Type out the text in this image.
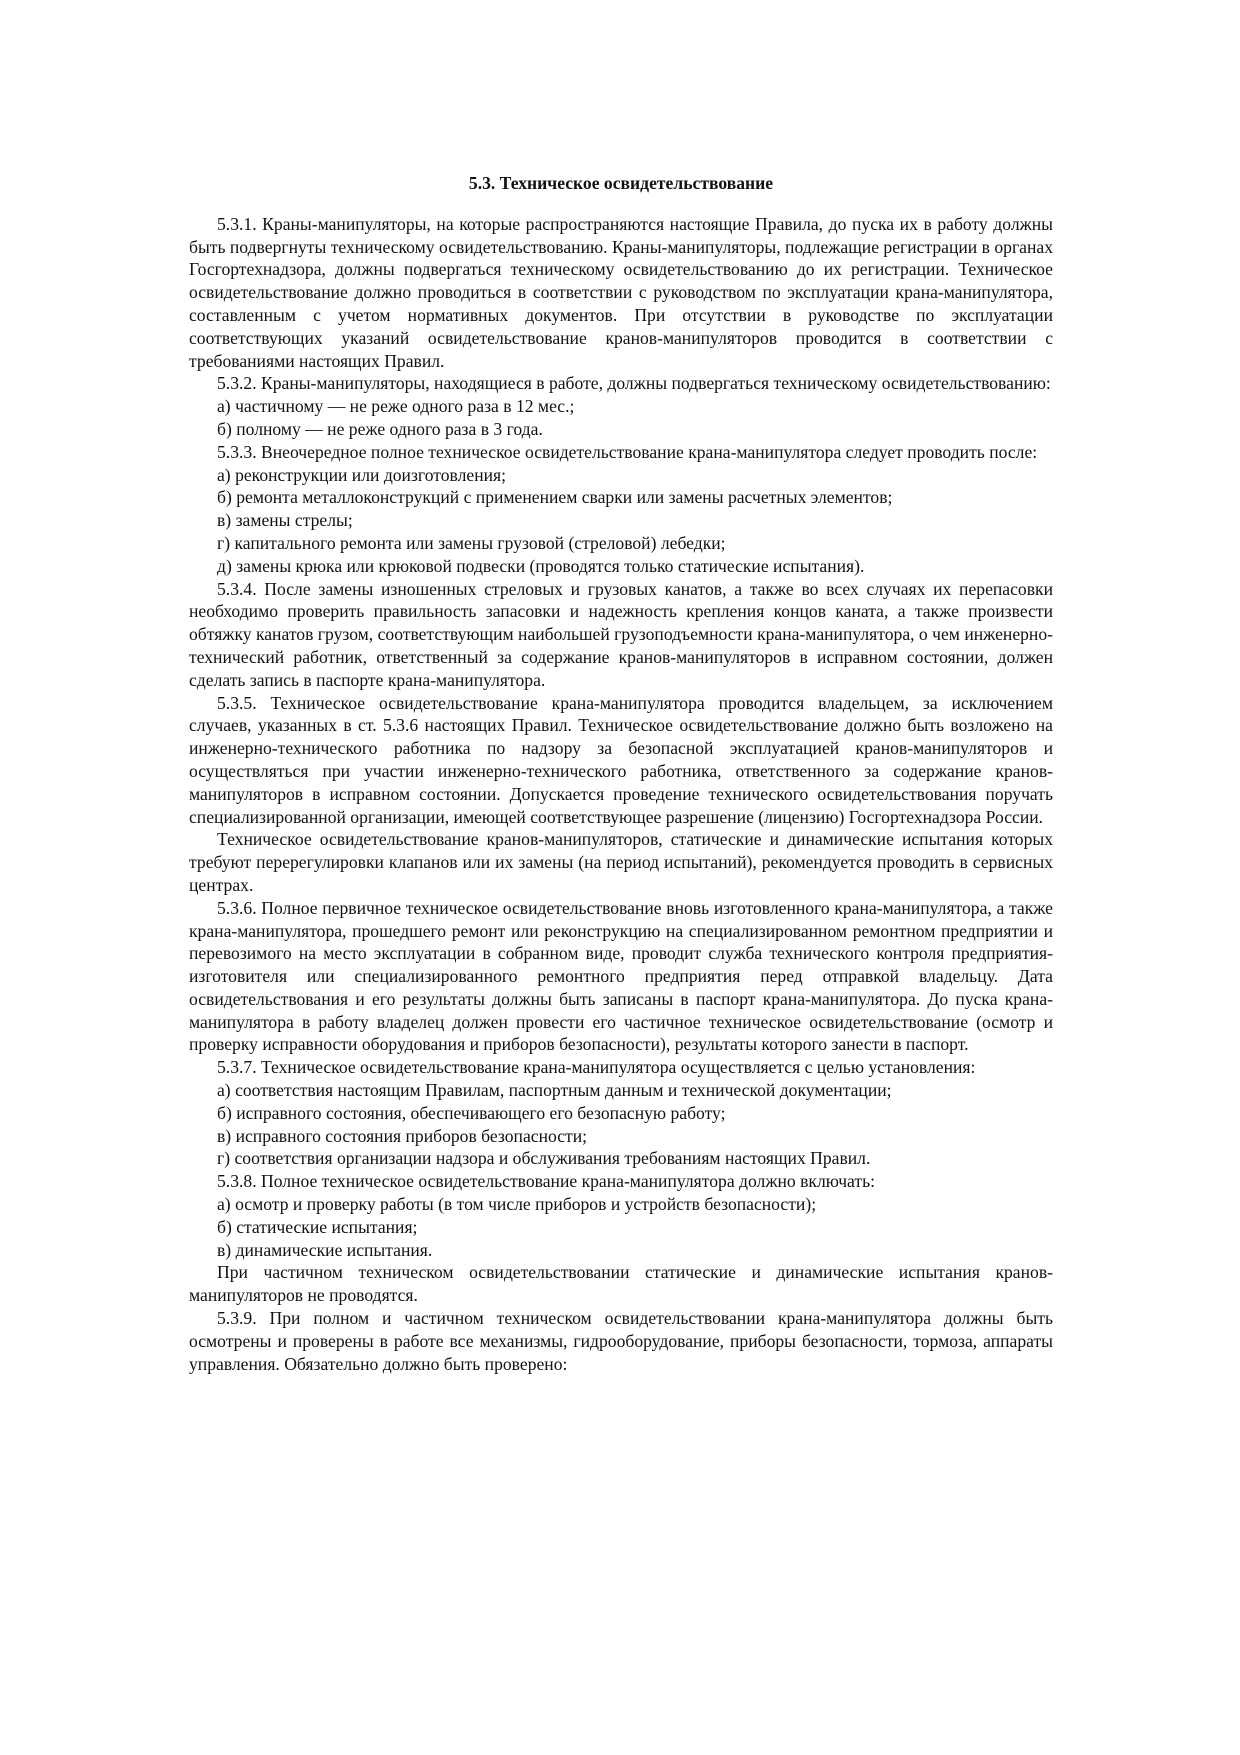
5.3. Техническое освидетельствование

5.3.1. Краны-манипуляторы, на которые распространяются настоящие Правила, до пуска их в работу должны быть подвергнуты техническому освидетельствованию. Краны-манипуляторы, подлежащие регистрации в органах Госгортехнадзора, должны подвергаться техническому освидетельствованию до их регистрации. Техническое освидетельствование должно проводиться в соответствии с руководством по эксплуатации крана-манипулятора, составленным с учетом нормативных документов. При отсутствии в руководстве по эксплуатации соответствующих указаний освидетельствование кранов-манипуляторов проводится в соответствии с требованиями настоящих Правил.

5.3.2. Краны-манипуляторы, находящиеся в работе, должны подвергаться техническому освидетельствованию:

а) частичному — не реже одного раза в 12 мес.;

б) полному — не реже одного раза в 3 года.

5.3.3. Внеочередное полное техническое освидетельствование крана-манипулятора следует проводить после:

а) реконструкции или доизготовления;

б) ремонта металлоконструкций с применением сварки или замены расчетных элементов;

в) замены стрелы;

г) капитального ремонта или замены грузовой (стреловой) лебедки;

д) замены крюка или крюковой подвески (проводятся только статические испытания).

5.3.4. После замены изношенных стреловых и грузовых канатов, а также во всех случаях их перепасовки необходимо проверить правильность запасовки и надежность крепления концов каната, а также произвести обтяжку канатов грузом, соответствующим наибольшей грузоподъемности крана-манипулятора, о чем инженерно-технический работник, ответственный за содержание кранов-манипуляторов в исправном состоянии, должен сделать запись в паспорте крана-манипулятора.

5.3.5. Техническое освидетельствование крана-манипулятора проводится владельцем, за исключением случаев, указанных в ст. 5.3.6 настоящих Правил. Техническое освидетельствование должно быть возложено на инженерно-технического работника по надзору за безопасной эксплуатацией кранов-манипуляторов и осуществляться при участии инженерно-технического работника, ответственного за содержание кранов-манипуляторов в исправном состоянии. Допускается проведение технического освидетельствования поручать специализированной организации, имеющей соответствующее разрешение (лицензию) Госгортехнадзора России.

Техническое освидетельствование кранов-манипуляторов, статические и динамические испытания которых требуют перерегулировки клапанов или их замены (на период испытаний), рекомендуется проводить в сервисных центрах.

5.3.6. Полное первичное техническое освидетельствование вновь изготовленного крана-манипулятора, а также крана-манипулятора, прошедшего ремонт или реконструкцию на специализированном ремонтном предприятии и перевозимого на место эксплуатации в собранном виде, проводит служба технического контроля предприятия-изготовителя или специализированного ремонтного предприятия перед отправкой владельцу. Дата освидетельствования и его результаты должны быть записаны в паспорт крана-манипулятора. До пуска крана-манипулятора в работу владелец должен провести его частичное техническое освидетельствование (осмотр и проверку исправности оборудования и приборов безопасности), результаты которого занести в паспорт.

5.3.7. Техническое освидетельствование крана-манипулятора осуществляется с целью установления:

а) соответствия настоящим Правилам, паспортным данным и технической документации;

б) исправного состояния, обеспечивающего его безопасную работу;

в) исправного состояния приборов безопасности;

г) соответствия организации надзора и обслуживания требованиям настоящих Правил.

5.3.8. Полное техническое освидетельствование крана-манипулятора должно включать:

а) осмотр и проверку работы (в том числе приборов и устройств безопасности);

б) статические испытания;

в) динамические испытания.

При частичном техническом освидетельствовании статические и динамические испытания кранов-манипуляторов не проводятся.

5.3.9. При полном и частичном техническом освидетельствовании крана-манипулятора должны быть осмотрены и проверены в работе все механизмы, гидрооборудование, приборы безопасности, тормоза, аппараты управления. Обязательно должно быть проверено:
